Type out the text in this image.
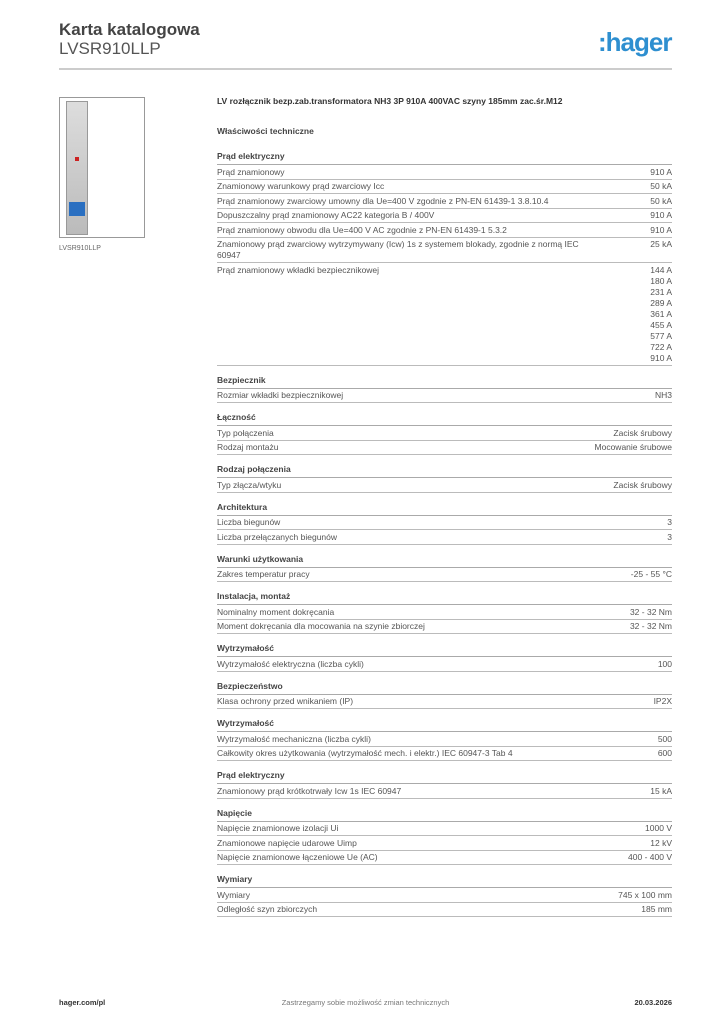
Karta katalogowa
LVSR910LLP	:hager
LVSR910LLP
LV rozłącznik bezp.zab.transformatora NH3 3P 910A 400VAC szyny 185mm zac.śr.M12
Właściwości techniczne
Prąd elektryczny
Prąd znamionowy	910 A
Znamionowy warunkowy prąd zwarciowy Icc	50 kA
Prąd znamionowy zwarciowy umowny dla Ue=400 V zgodnie z PN-EN 61439-1 3.8.10.4	50 kA
Dopuszczalny prąd znamionowy AC22 kategoria B / 400V	910 A
Prąd znamionowy obwodu dla Ue=400 V AC zgodnie z PN-EN 61439-1 5.3.2	910 A
Znamionowy prąd zwarciowy wytrzymywany (Icw) 1s z systemem blokady, zgodnie z normą IEC 60947
25 kA
Prąd znamionowy wkładki bezpiecznikowej	144 A
180 A
231 A
289 A
361 A
455 A
577 A
722 A
910 A
Bezpiecznik
Rozmiar wkładki bezpiecznikowej	NH3
Łączność
Typ połączenia	Zacisk śrubowy
Rodzaj montażu	Mocowanie śrubowe
Rodzaj połączenia
Typ złącza/wtyku	Zacisk śrubowy
Architektura
Liczba biegunów	3
Liczba przełączanych biegunów	3
Warunki użytkowania
Zakres temperatur pracy	-25 - 55 °C
Instalacja, montaż
Nominalny moment dokręcania	32 - 32 Nm
Moment dokręcania dla mocowania na szynie zbiorczej	32 - 32 Nm
Wytrzymałość
Wytrzymałość elektryczna (liczba cykli)	100
Bezpieczeństwo
Klasa ochrony przed wnikaniem (IP)	IP2X
Wytrzymałość
Wytrzymałość mechaniczna (liczba cykli)	500
Całkowity okres użytkowania (wytrzymałość mech. i elektr.) IEC 60947-3 Tab 4	600
Prąd elektryczny
Znamionowy prąd krótkotrwały Icw 1s IEC 60947	15 kA
Napięcie
Napięcie znamionowe izolacji Ui	1000 V
Znamionowe napięcie udarowe Uimp	12 kV
Napięcie znamionowe łączeniowe Ue (AC)	400 - 400 V
Wymiary
Wymiary	745 x 100 mm
Odległość szyn zbiorczych	185 mm
Zastrzegamy sobie możliwość zmian technicznych
hager.com/pl	20.03.2026
